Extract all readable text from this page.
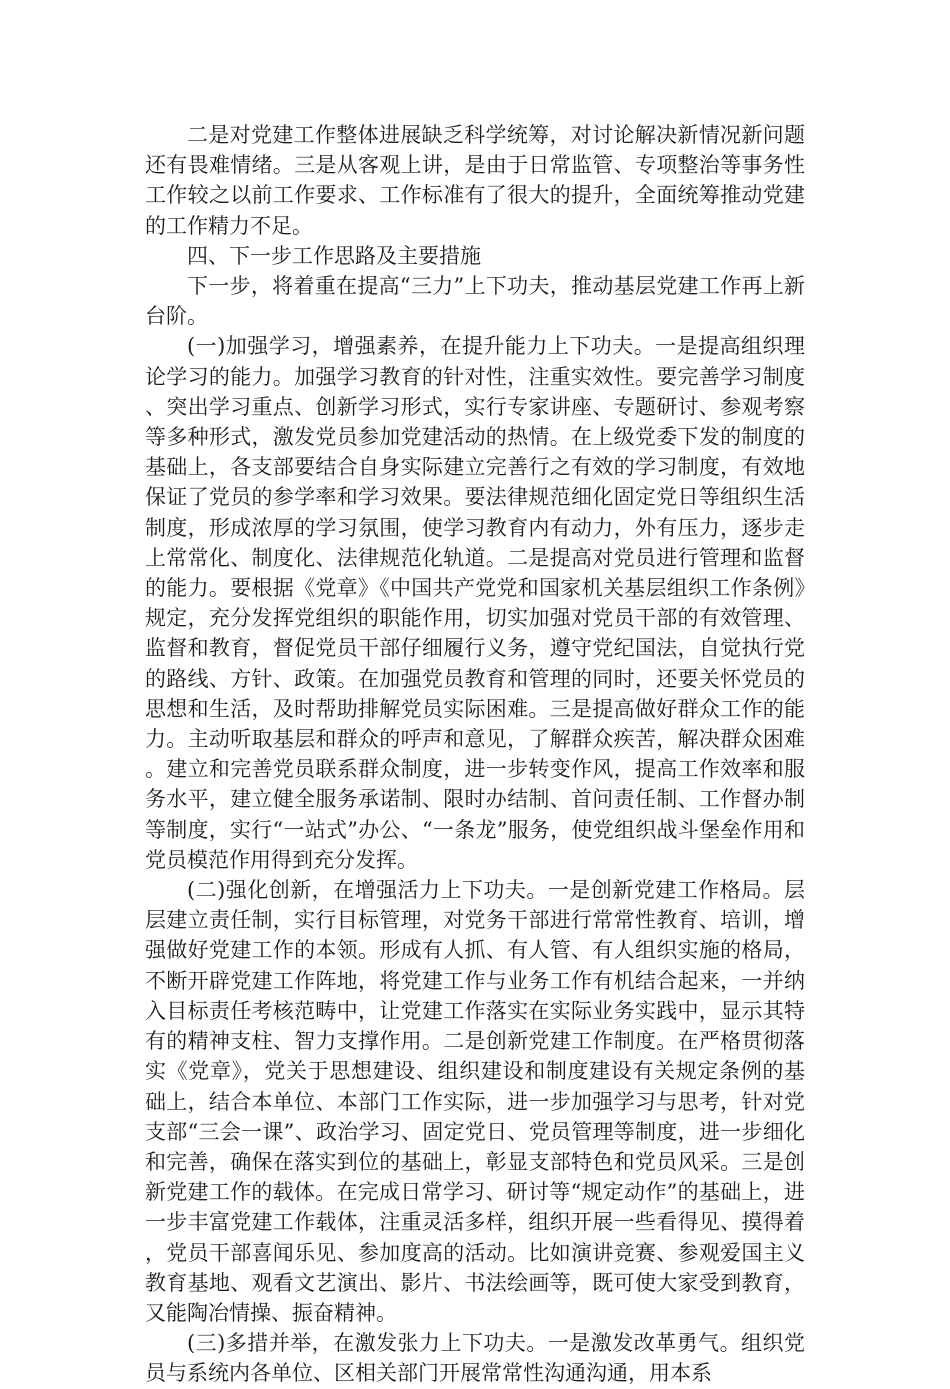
二是对党建工作整体进展缺乏科学统筹，对讨论解决新情况新问题还有畏难情绪。三是从客观上讲，是由于日常监管、专项整治等事务性工作较之以前工作要求、工作标准有了很大的提升，全面统筹推动党建的工作精力不足。

四、下一步工作思路及主要措施

下一步，将着重在提高“三力”上下功夫，推动基层党建工作再上新台阶。

(一)加强学习，增强素养，在提升能力上下功夫。一是提高组织理论学习的能力。加强学习教育的针对性，注重实效性。要完善学习制度、突出学习重点、创新学习形式，实行专家讲座、专题研讨、参观考察等多种形式，激发党员参加党建活动的热情。在上级党委下发的制度的基础上，各支部要结合自身实际建立完善行之有效的学习制度，有效地保证了党员的参学率和学习效果。要法律规范细化固定党日等组织生活制度，形成浓厚的学习氛围，使学习教育内有动力，外有压力，逐步走上常常化、制度化、法律规范化轨道。二是提高对党员进行管理和监督的能力。要根据《党章》《中国共产党党和国家机关基层组织工作条例》规定，充分发挥党组织的职能作用，切实加强对党员干部的有效管理、监督和教育，督促党员干部仔细履行义务，遵守党纪国法，自觉执行党的路线、方针、政策。在加强党员教育和管理的同时，还要关怀党员的思想和生活，及时帮助排解党员实际困难。三是提高做好群众工作的能力。主动听取基层和群众的呼声和意见，了解群众疾苦，解决群众困难。建立和完善党员联系群众制度，进一步转变作风，提高工作效率和服务水平，建立健全服务承诺制、限时办结制、首问责任制、工作督办制等制度，实行“一站式”办公、“一条龙”服务，使党组织战斗堡垒作用和党员模范作用得到充分发挥。

(二)强化创新，在增强活力上下功夫。一是创新党建工作格局。层层建立责任制，实行目标管理，对党务干部进行常常性教育、培训，增强做好党建工作的本领。形成有人抓、有人管、有人组织实施的格局，不断开辟党建工作阵地，将党建工作与业务工作有机结合起来，一并纳入目标责任考核范畴中，让党建工作落实在实际业务实践中，显示其特有的精神支柱、智力支撑作用。二是创新党建工作制度。在严格贯彻落实《党章》，党关于思想建设、组织建设和制度建设有关规定条例的基础上，结合本单位、本部门工作实际，进一步加强学习与思考，针对党支部“三会一课”、政治学习、固定党日、党员管理等制度，进一步细化和完善，确保在落实到位的基础上，彰显支部特色和党员风采。三是创新党建工作的载体。在完成日常学习、研讨等“规定动作”的基础上，进一步丰富党建工作载体，注重灵活多样，组织开展一些看得见、摸得着，党员干部喜闻乐见、参加度高的活动。比如演讲竞赛、参观爱国主义教育基地、观看文艺演出、影片、书法绘画等，既可使大家受到教育，又能陶冶情操、振奋精神。

(三)多措并举，在激发张力上下功夫。一是激发改革勇气。组织党员与系统内各单位、区相关部门开展常常性沟通沟通，用本系
